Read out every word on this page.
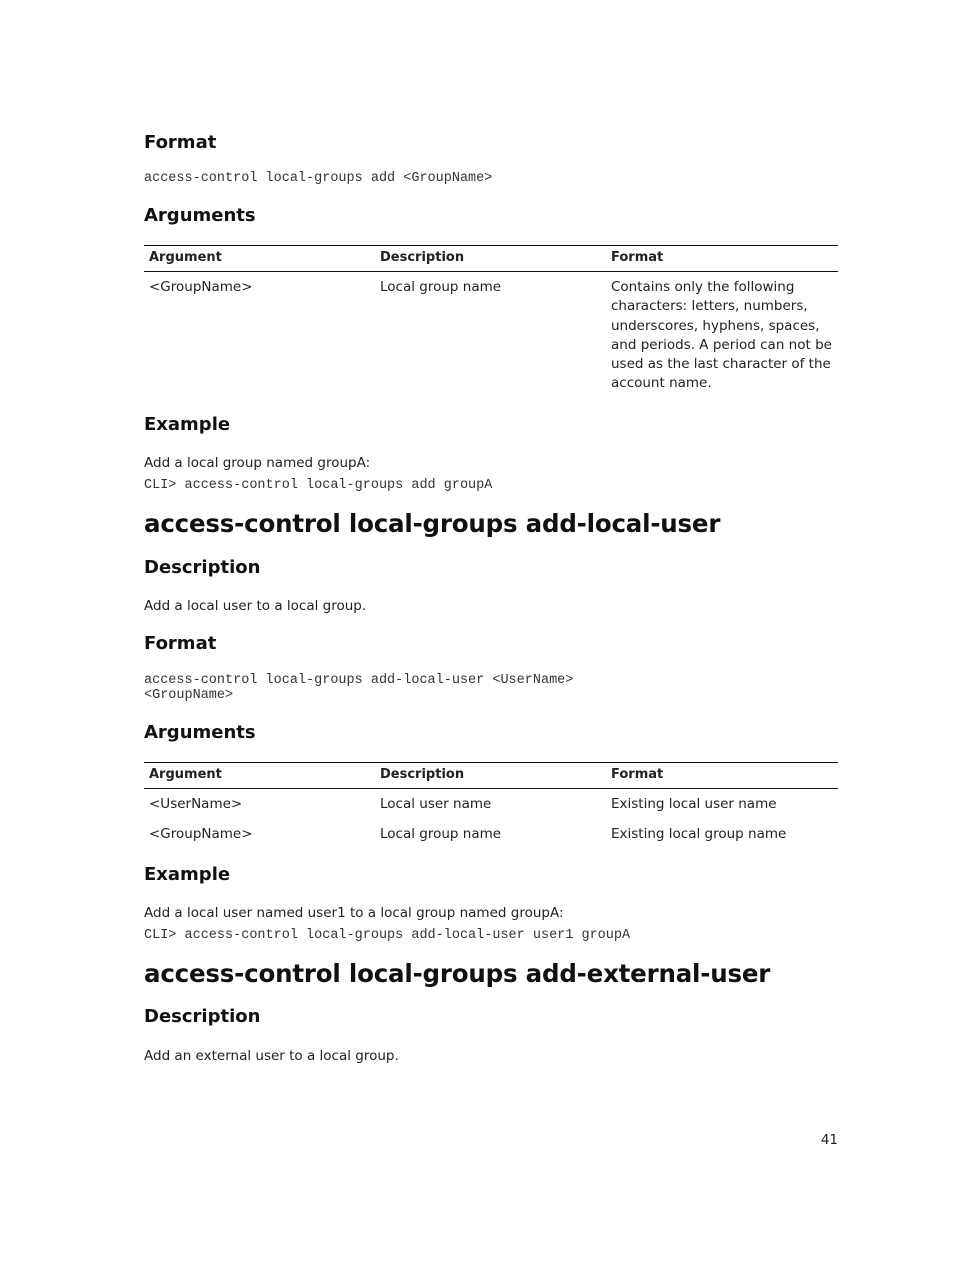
Format
access-control local-groups add <GroupName>
Arguments
Argument	Description	Format
<GroupName>	Local group name	Contains only the following characters: letters, numbers, underscores, hyphens, spaces, and periods. A period can not be used as the last character of the account name.
Example
Add a local group named groupA:
CLI> access-control local-groups add groupA
access-control local-groups add-local-user
Description
Add a local user to a local group.
Format
access-control local-groups add-local-user <UserName>
<GroupName>
Arguments
Argument	Description	Format
<UserName>	Local user name	Existing local user name
<GroupName>	Local group name	Existing local group name
Example
Add a local user named user1 to a local group named groupA:
CLI> access-control local-groups add-local-user user1 groupA
access-control local-groups add-external-user
Description
Add an external user to a local group.
41
